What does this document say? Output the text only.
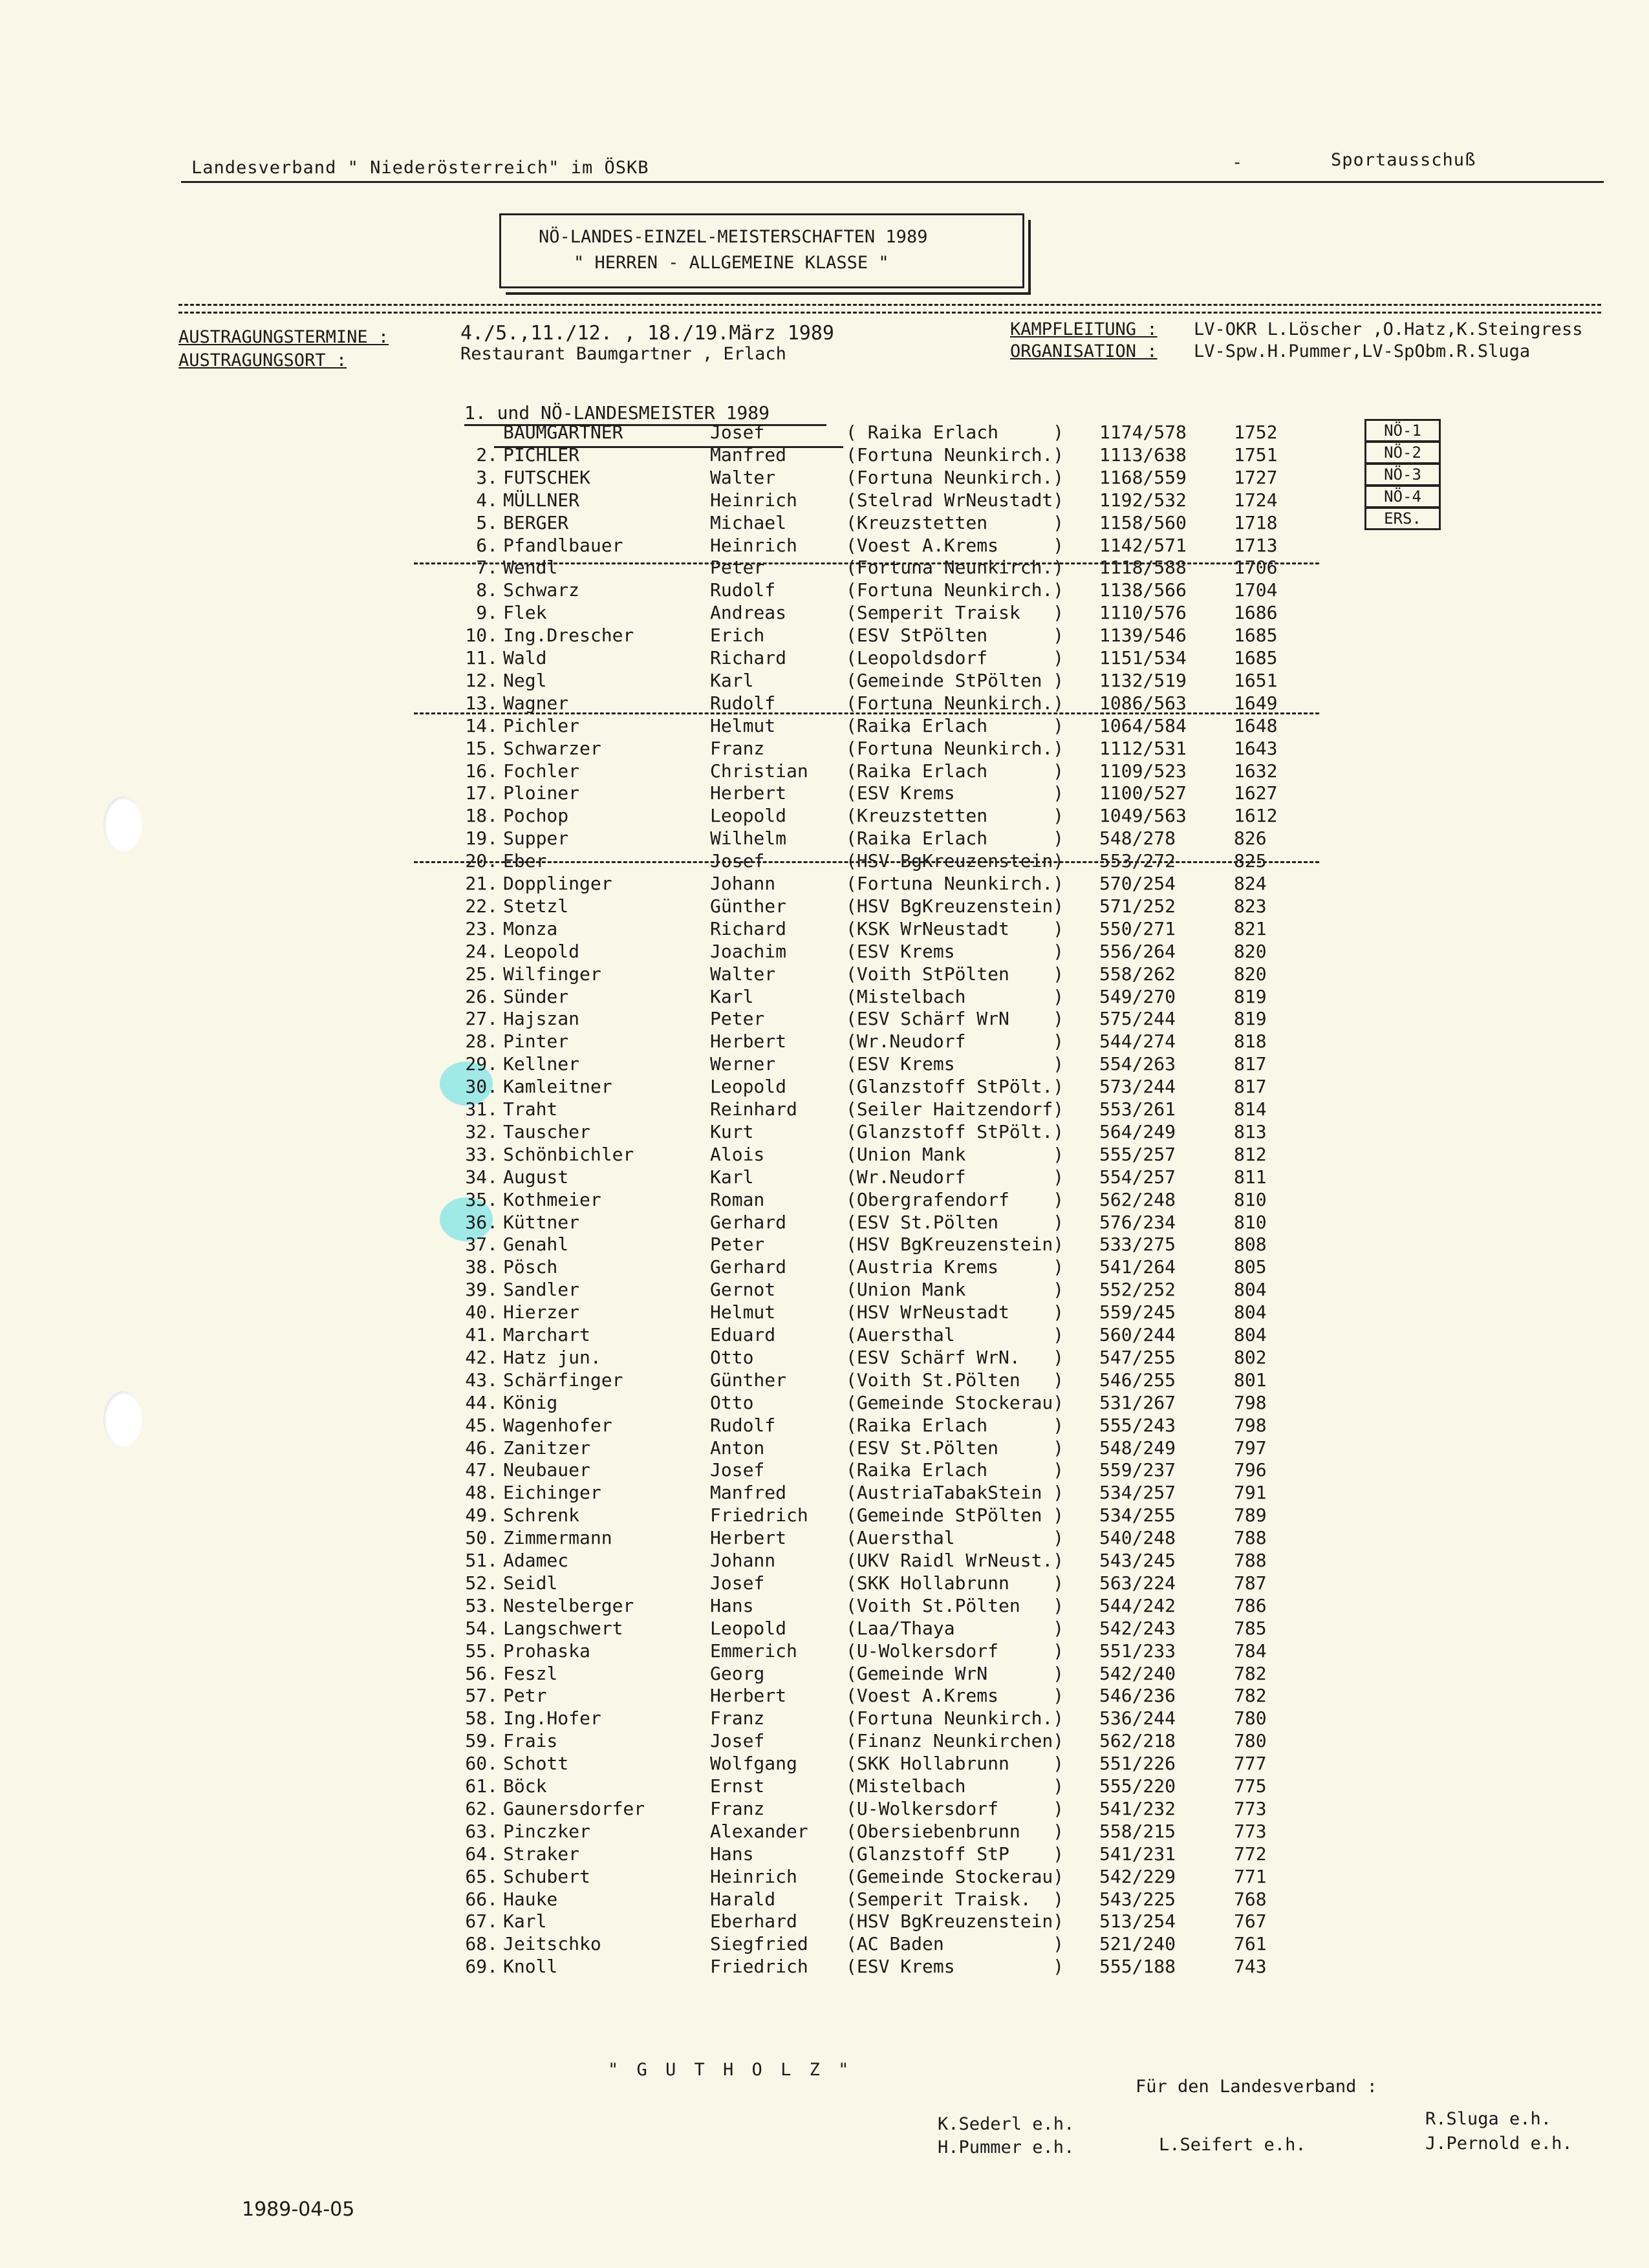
Landesverband " Niederösterreich" im ÖSKB	-	Sportausschuß
NÖ-LANDES-EINZEL-MEISTERSCHAFTEN 1989
" HERREN - ALLGEMEINE KLASSE "
AUSTRAGUNGSTERMINE :	4./5.,11./12. , 18./19.März 1989
AUSTRAGUNGSORT :	Restaurant Baumgartner , Erlach
KAMPFLEITUNG : LV-OKR L.Löscher ,O.Hatz,K.Steingress
ORGANISATION : LV-Spw.H.Pummer,LV-SpObm.R.Sluga
1. und NÖ-LANDESMEISTER 1989
NÖ-1
NÖ-2
NÖ-3
NÖ-4
ERS.
BAUMGARTNER	Josef	( Raika Erlach     ) 1174/578	1752
2. PICHLER	Manfred	(Fortuna Neunkirch.) 1113/638	1751
3. FUTSCHEK	Walter	(Fortuna Neunkirch.) 1168/559	1727
4. MÜLLNER	Heinrich	(Stelrad WrNeustadt) 1192/532	1724
5. BERGER	Michael	(Kreuzstetten      ) 1158/560	1718
6. Pfandlbauer	Heinrich	(Voest A.Krems     ) 1142/571	1713
7. Wendl	Peter	(Fortuna Neunkirch.) 1118/588	1706
8. Schwarz	Rudolf	(Fortuna Neunkirch.) 1138/566	1704
9. Flek	Andreas	(Semperit Traisk   ) 1110/576	1686
10. Ing.Drescher	Erich	(ESV StPölten      ) 1139/546	1685
11. Wald	Richard	(Leopoldsdorf      ) 1151/534	1685
12. Negl	Karl	(Gemeinde StPölten ) 1132/519	1651
13. Wagner	Rudolf	(Fortuna Neunkirch.) 1086/563	1649
14. Pichler	Helmut	(Raika Erlach      ) 1064/584	1648
15. Schwarzer	Franz	(Fortuna Neunkirch.) 1112/531	1643
16. Fochler	Christian (Raika Erlach      ) 1109/523	1632
17. Ploiner	Herbert	(ESV Krems         ) 1100/527	1627
18. Pochop	Leopold	(Kreuzstetten      ) 1049/563	1612
19. Supper	Wilhelm	(Raika Erlach      ) 548/278	826
20. Eber	Josef	(HSV BgKreuzenstein) 553/272	825
21. Dopplinger	Johann	(Fortuna Neunkirch.) 570/254	824
22. Stetzl	Günther	(HSV BgKreuzenstein) 571/252	823
23. Monza	Richard	(KSK WrNeustadt    ) 550/271	821
24. Leopold	Joachim	(ESV Krems         ) 556/264	820
25. Wilfinger	Walter	(Voith StPölten    ) 558/262	820
26. Sünder	Karl	(Mistelbach        ) 549/270	819
27. Hajszan	Peter	(ESV Schärf WrN    ) 575/244	819
28. Pinter	Herbert	(Wr.Neudorf        ) 544/274	818
29. Kellner	Werner	(ESV Krems         ) 554/263	817
30. Kamleitner	Leopold	(Glanzstoff StPölt.) 573/244	817
31. Traht	Reinhard	(Seiler Haitzendorf) 553/261	814
32. Tauscher	Kurt	(Glanzstoff StPölt.) 564/249	813
33. Schönbichler	Alois	(Union Mank        ) 555/257	812
34. August	Karl	(Wr.Neudorf        ) 554/257	811
35. Kothmeier	Roman	(Obergrafendorf    ) 562/248	810
36. Küttner	Gerhard	(ESV St.Pölten     ) 576/234	810
37. Genahl	Peter	(HSV BgKreuzenstein) 533/275	808
38. Pösch	Gerhard	(Austria Krems     ) 541/264	805
39. Sandler	Gernot	(Union Mank        ) 552/252	804
40. Hierzer	Helmut	(HSV WrNeustadt    ) 559/245	804
41. Marchart	Eduard	(Auersthal         ) 560/244	804
42. Hatz jun.	Otto	(ESV Schärf WrN.   ) 547/255	802
43. Schärfinger	Günther	(Voith St.Pölten   ) 546/255	801
44. König	Otto	(Gemeinde Stockerau) 531/267	798
45. Wagenhofer	Rudolf	(Raika Erlach      ) 555/243	798
46. Zanitzer	Anton	(ESV St.Pölten     ) 548/249	797
47. Neubauer	Josef	(Raika Erlach      ) 559/237	796
48. Eichinger	Manfred	(AustriaTabakStein ) 534/257	791
49. Schrenk	Friedrich (Gemeinde StPölten ) 534/255	789
50. Zimmermann	Herbert	(Auersthal         ) 540/248	788
51. Adamec	Johann	(UKV Raidl WrNeust.) 543/245	788
52. Seidl	Josef	(SKK Hollabrunn    ) 563/224	787
53. Nestelberger	Hans	(Voith St.Pölten   ) 544/242	786
54. Langschwert	Leopold	(Laa/Thaya         ) 542/243	785
55. Prohaska	Emmerich	(U-Wolkersdorf     ) 551/233	784
56. Feszl	Georg	(Gemeinde WrN      ) 542/240	782
57. Petr	Herbert	(Voest A.Krems     ) 546/236	782
58. Ing.Hofer	Franz	(Fortuna Neunkirch.) 536/244	780
59. Frais	Josef	(Finanz Neunkirchen) 562/218	780
60. Schott	Wolfgang	(SKK Hollabrunn    ) 551/226	777
61. Böck	Ernst	(Mistelbach        ) 555/220	775
62. Gaunersdorfer	Franz	(U-Wolkersdorf     ) 541/232	773
63. Pinczker	Alexander (Obersiebenbrunn   ) 558/215	773
64. Straker	Hans	(Glanzstoff StP    ) 541/231	772
65. Schubert	Heinrich	(Gemeinde Stockerau) 542/229	771
66. Hauke	Harald	(Semperit Traisk.  ) 543/225	768
67. Karl	Eberhard	(HSV BgKreuzenstein) 513/254	767
68. Jeitschko	Siegfried (AC Baden          ) 521/240	761
69. Knoll	Friedrich (ESV Krems         ) 555/188	743
" G U T H O L Z "
Für den Landesverband :
K.Sederl e.h.
H.Pummer e.h.	L.Seifert e.h.
R.Sluga e.h.
J.Pernold e.h.
1989-04-05
